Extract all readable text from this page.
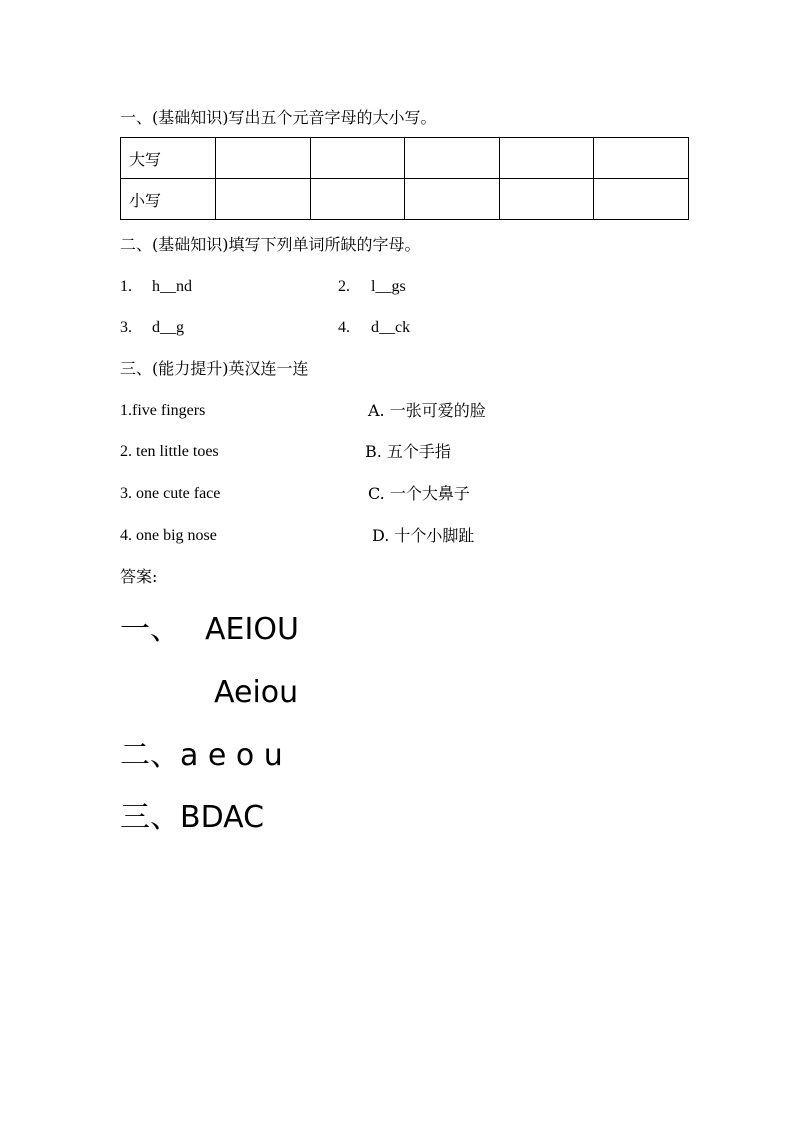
一、(基础知识)写出五个元音字母的大小写。
大写					
小写					
二、(基础知识)填写下列单词所缺的字母。
1. h__nd	2. l__gs
3. d__g	4. d__ck
三、(能力提升)英汉连一连
1.five fingers	A. 一张可爱的脸
2. ten little toes	B. 五个手指
3. one cute face	C. 一个大鼻子
4. one big nose	D. 十个小脚趾
答案:
一、 AEIOU
Aeiou
二、a e o u
三、BDAC
